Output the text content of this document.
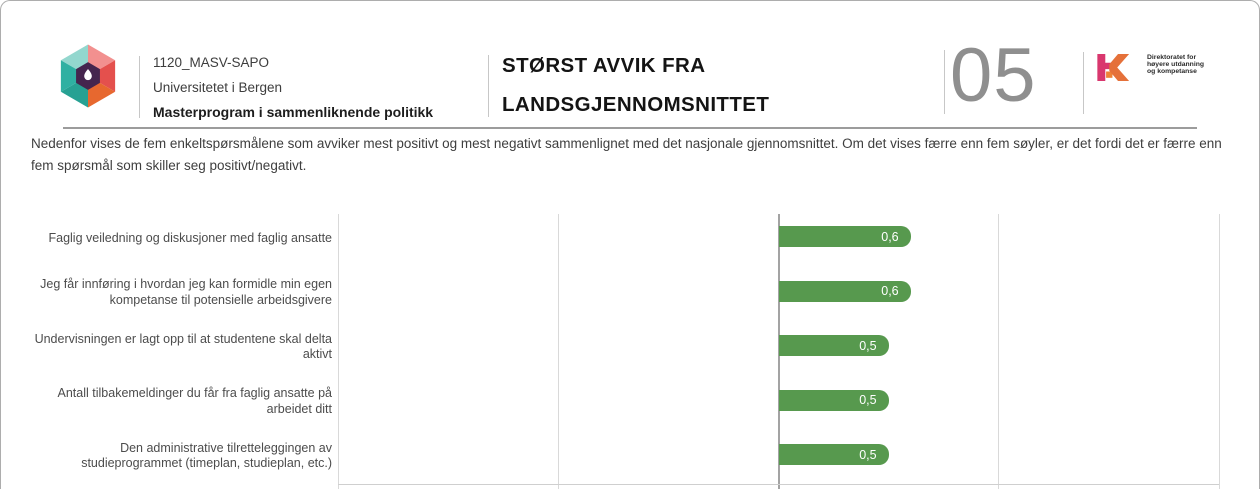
1120_MASV-SAPO
Universitetet i Bergen
Masterprogram i sammenliknende politikk
STØRST AVVIK FRA
LANDSGJENNOMSNITTET 05	Direktoratet for
høyere utdanning
og kompetanse

Nedenfor vises de fem enkeltspørsmålene som avviker mest positivt og mest negativt sammenlignet med det nasjonale gjennomsnittet. Om det vises færre enn fem søyler, er det fordi det er færre enn fem spørsmål som skiller seg positivt/negativt.

Faglig veiledning og diskusjoner med faglig ansatte
Jeg får innføring i hvordan jeg kan formidle min egen kompetanse til potensielle arbeidsgivere
Undervisningen er lagt opp til at studentene skal delta aktivt
Antall tilbakemeldinger du får fra faglig ansatte på arbeidet ditt
Den administrative tilretteleggingen av studieprogrammet (timeplan, studieplan, etc.)
0,6
0,6
0,5
0,5
0,5
